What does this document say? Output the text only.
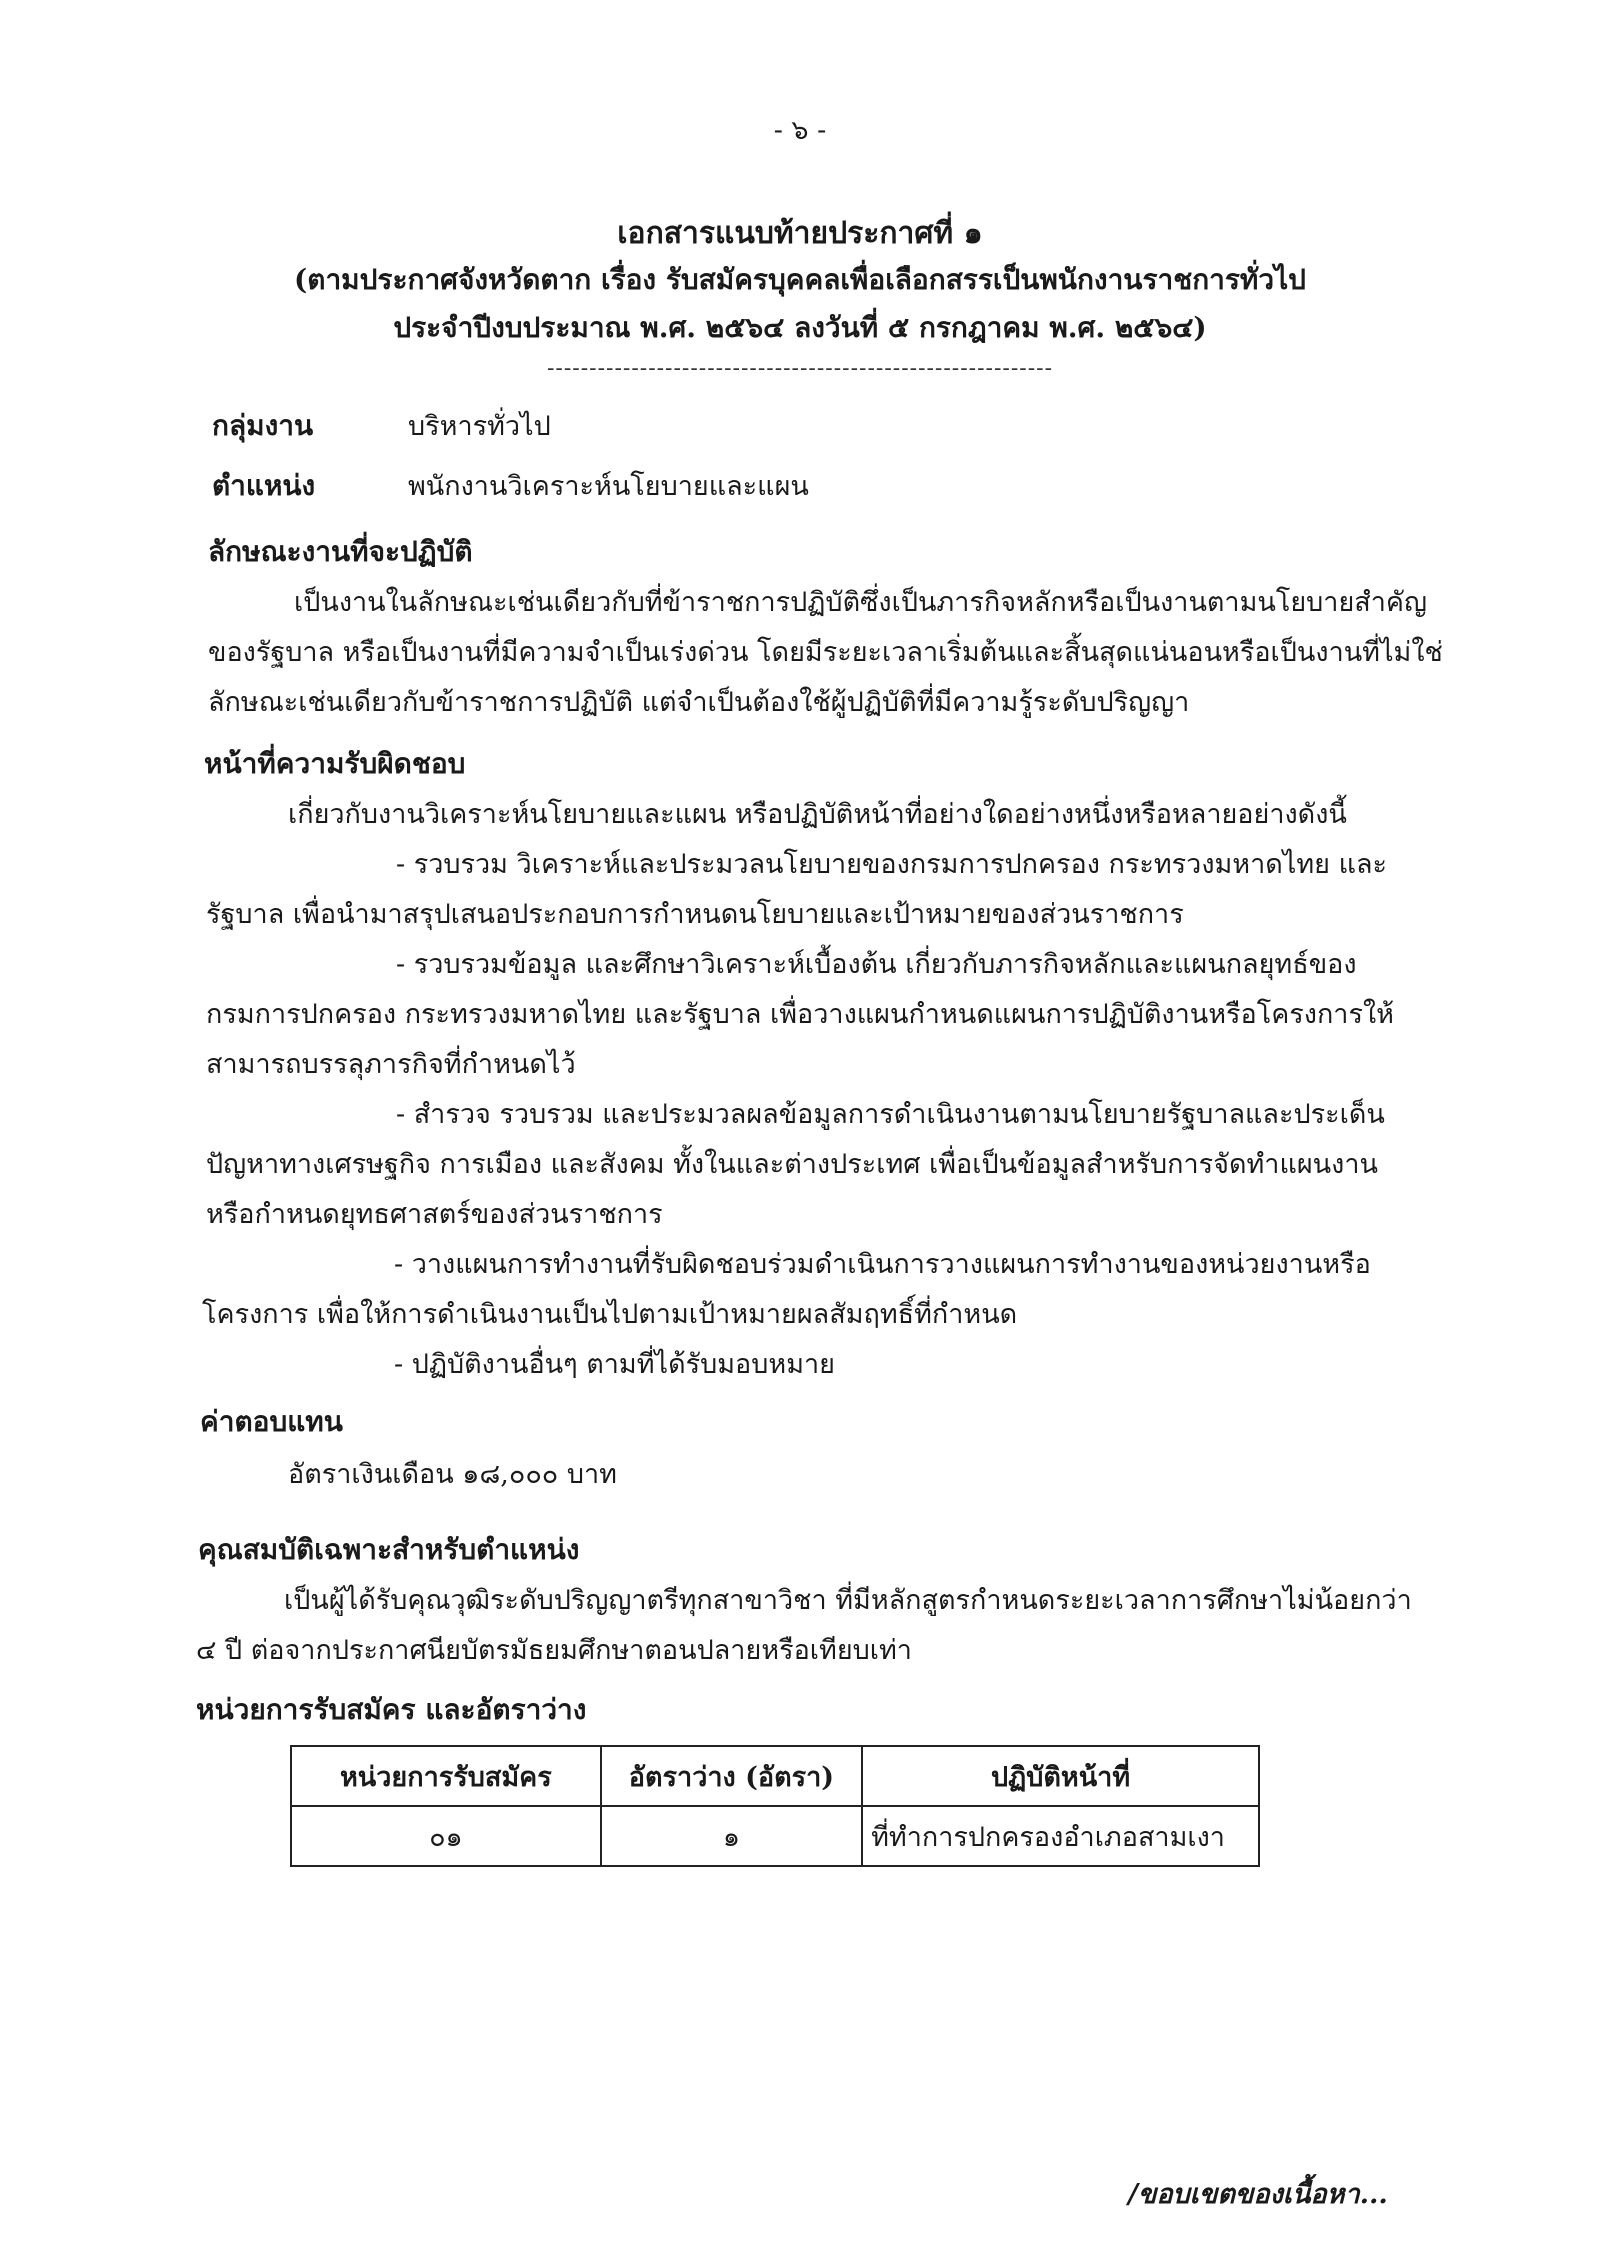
- ๖ -
เอกสารแนบท้ายประกาศที่ ๑
(ตามประกาศจังหวัดตาก เรื่อง รับสมัครบุคคลเพื่อเลือกสรรเป็นพนักงานราชการทั่วไป
ประจำปีงบประมาณ พ.ศ. ๒๕๖๔ ลงวันที่ ๕ กรกฎาคม พ.ศ. ๒๕๖๔)
------------------------------------------------------------
กลุ่มงาน	บริหารทั่วไป
ตำแหน่ง	พนักงานวิเคราะห์นโยบายและแผน
ลักษณะงานที่จะปฏิบัติ
เป็นงานในลักษณะเช่นเดียวกับที่ข้าราชการปฏิบัติซึ่งเป็นภารกิจหลักหรือเป็นงานตามนโยบายสำคัญ
ของรัฐบาล หรือเป็นงานที่มีความจำเป็นเร่งด่วน โดยมีระยะเวลาเริ่มต้นและสิ้นสุดแน่นอนหรือเป็นงานที่ไม่ใช่
ลักษณะเช่นเดียวกับข้าราชการปฏิบัติ แต่จำเป็นต้องใช้ผู้ปฏิบัติที่มีความรู้ระดับปริญญา
หน้าที่ความรับผิดชอบ
เกี่ยวกับงานวิเคราะห์นโยบายและแผน หรือปฏิบัติหน้าที่อย่างใดอย่างหนึ่งหรือหลายอย่างดังนี้
- รวบรวม วิเคราะห์และประมวลนโยบายของกรมการปกครอง กระทรวงมหาดไทย และ
รัฐบาล เพื่อนำมาสรุปเสนอประกอบการกำหนดนโยบายและเป้าหมายของส่วนราชการ
- รวบรวมข้อมูล และศึกษาวิเคราะห์เบื้องต้น เกี่ยวกับภารกิจหลักและแผนกลยุทธ์ของ
กรมการปกครอง กระทรวงมหาดไทย และรัฐบาล เพื่อวางแผนกำหนดแผนการปฏิบัติงานหรือโครงการให้
สามารถบรรลุภารกิจที่กำหนดไว้
- สำรวจ รวบรวม และประมวลผลข้อมูลการดำเนินงานตามนโยบายรัฐบาลและประเด็น
ปัญหาทางเศรษฐกิจ การเมือง และสังคม ทั้งในและต่างประเทศ เพื่อเป็นข้อมูลสำหรับการจัดทำแผนงาน
หรือกำหนดยุทธศาสตร์ของส่วนราชการ
- วางแผนการทำงานที่รับผิดชอบร่วมดำเนินการวางแผนการทำงานของหน่วยงานหรือ
โครงการ เพื่อให้การดำเนินงานเป็นไปตามเป้าหมายผลสัมฤทธิ์ที่กำหนด
- ปฏิบัติงานอื่นๆ ตามที่ได้รับมอบหมาย
ค่าตอบแทน
อัตราเงินเดือน ๑๘,๐๐๐ บาท
คุณสมบัติเฉพาะสำหรับตำแหน่ง
เป็นผู้ได้รับคุณวุฒิระดับปริญญาตรีทุกสาขาวิชา ที่มีหลักสูตรกำหนดระยะเวลาการศึกษาไม่น้อยกว่า
๔ ปี ต่อจากประกาศนียบัตรมัธยมศึกษาตอนปลายหรือเทียบเท่า
หน่วยการรับสมัคร และอัตราว่าง
หน่วยการรับสมัคร	อัตราว่าง (อัตรา)	ปฏิบัติหน้าที่
๐๑	๑	ที่ทำการปกครองอำเภอสามเงา
/ขอบเขตของเนื้อหา...
